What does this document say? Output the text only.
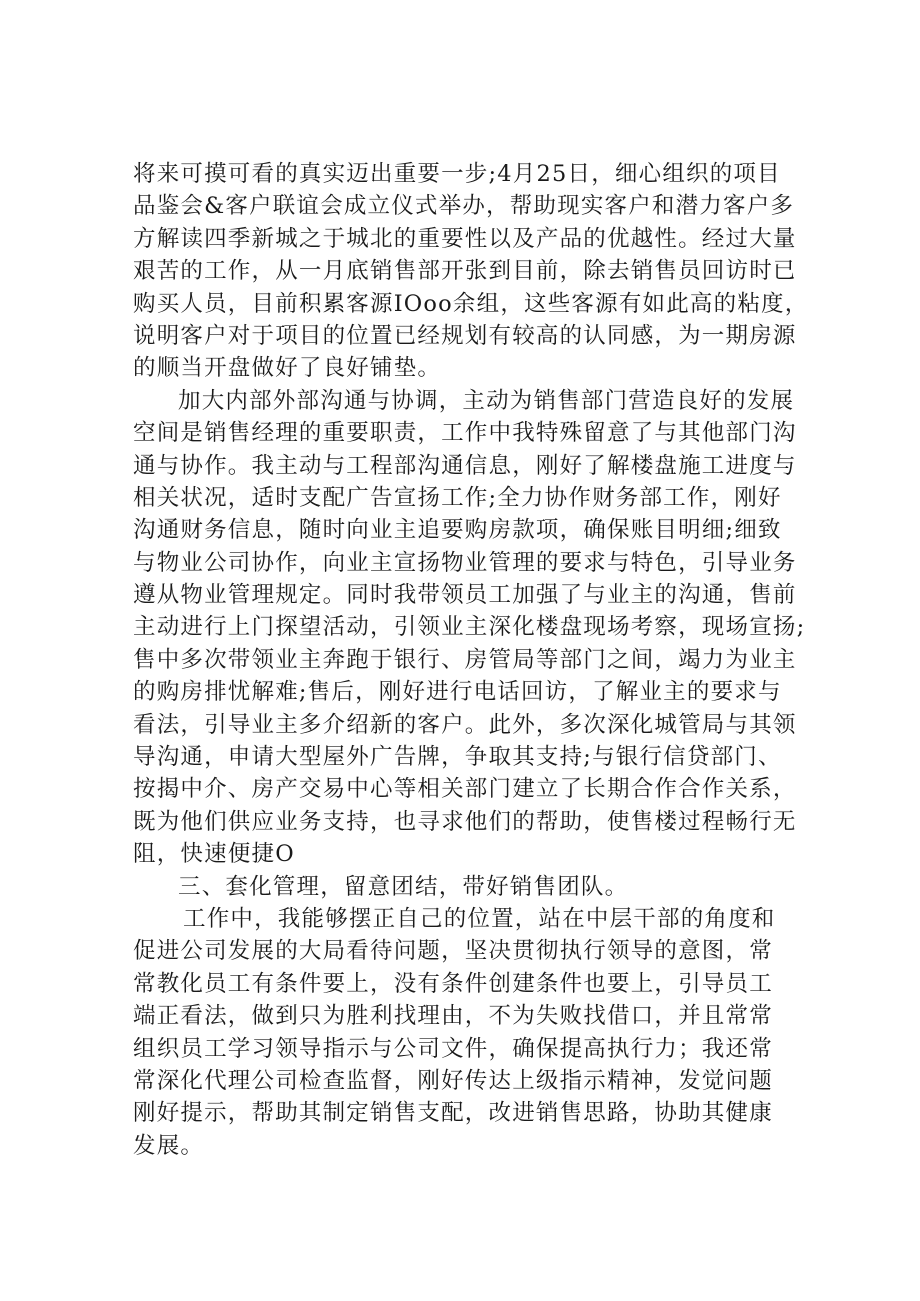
将来可摸可看的真实迈出重要一步;4月25日，细心组织的项目
品鉴会&客户联谊会成立仪式举办，帮助现实客户和潜力客户多
方解读四季新城之于城北的重要性以及产品的优越性。经过大量
艰苦的工作，从一月底销售部开张到目前，除去销售员回访时已
购买人员，目前积累客源IOoo余组，这些客源有如此高的粘度，
说明客户对于项目的位置已经规划有较高的认同感，为一期房源
的顺当开盘做好了良好铺垫。
加大内部外部沟通与协调，主动为销售部门营造良好的发展
空间是销售经理的重要职责，工作中我特殊留意了与其他部门沟
通与协作。我主动与工程部沟通信息，刚好了解楼盘施工进度与
相关状况，适时支配广告宣扬工作;全力协作财务部工作，刚好
沟通财务信息，随时向业主追要购房款项，确保账目明细;细致
与物业公司协作，向业主宣扬物业管理的要求与特色，引导业务
遵从物业管理规定。同时我带领员工加强了与业主的沟通，售前
主动进行上门探望活动，引领业主深化楼盘现场考察，现场宣扬;
售中多次带领业主奔跑于银行、房管局等部门之间，竭力为业主
的购房排忧解难;售后，刚好进行电话回访，了解业主的要求与
看法，引导业主多介绍新的客户。此外，多次深化城管局与其领
导沟通，申请大型屋外广告牌，争取其支持;与银行信贷部门、
按揭中介、房产交易中心等相关部门建立了长期合作合作关系，
既为他们供应业务支持，也寻求他们的帮助，使售楼过程畅行无
阻，快速便捷O
三、套化管理，留意团结，带好销售团队。
工作中，我能够摆正自己的位置，站在中层干部的角度和
促进公司发展的大局看待问题，坚决贯彻执行领导的意图，常
常教化员工有条件要上，没有条件创建条件也要上，引导员工
端正看法，做到只为胜利找理由，不为失败找借口，并且常常
组织员工学习领导指示与公司文件，确保提高执行力；我还常
常深化代理公司检查监督，刚好传达上级指示精神，发觉问题
刚好提示，帮助其制定销售支配，改进销售思路，协助其健康
发展。
